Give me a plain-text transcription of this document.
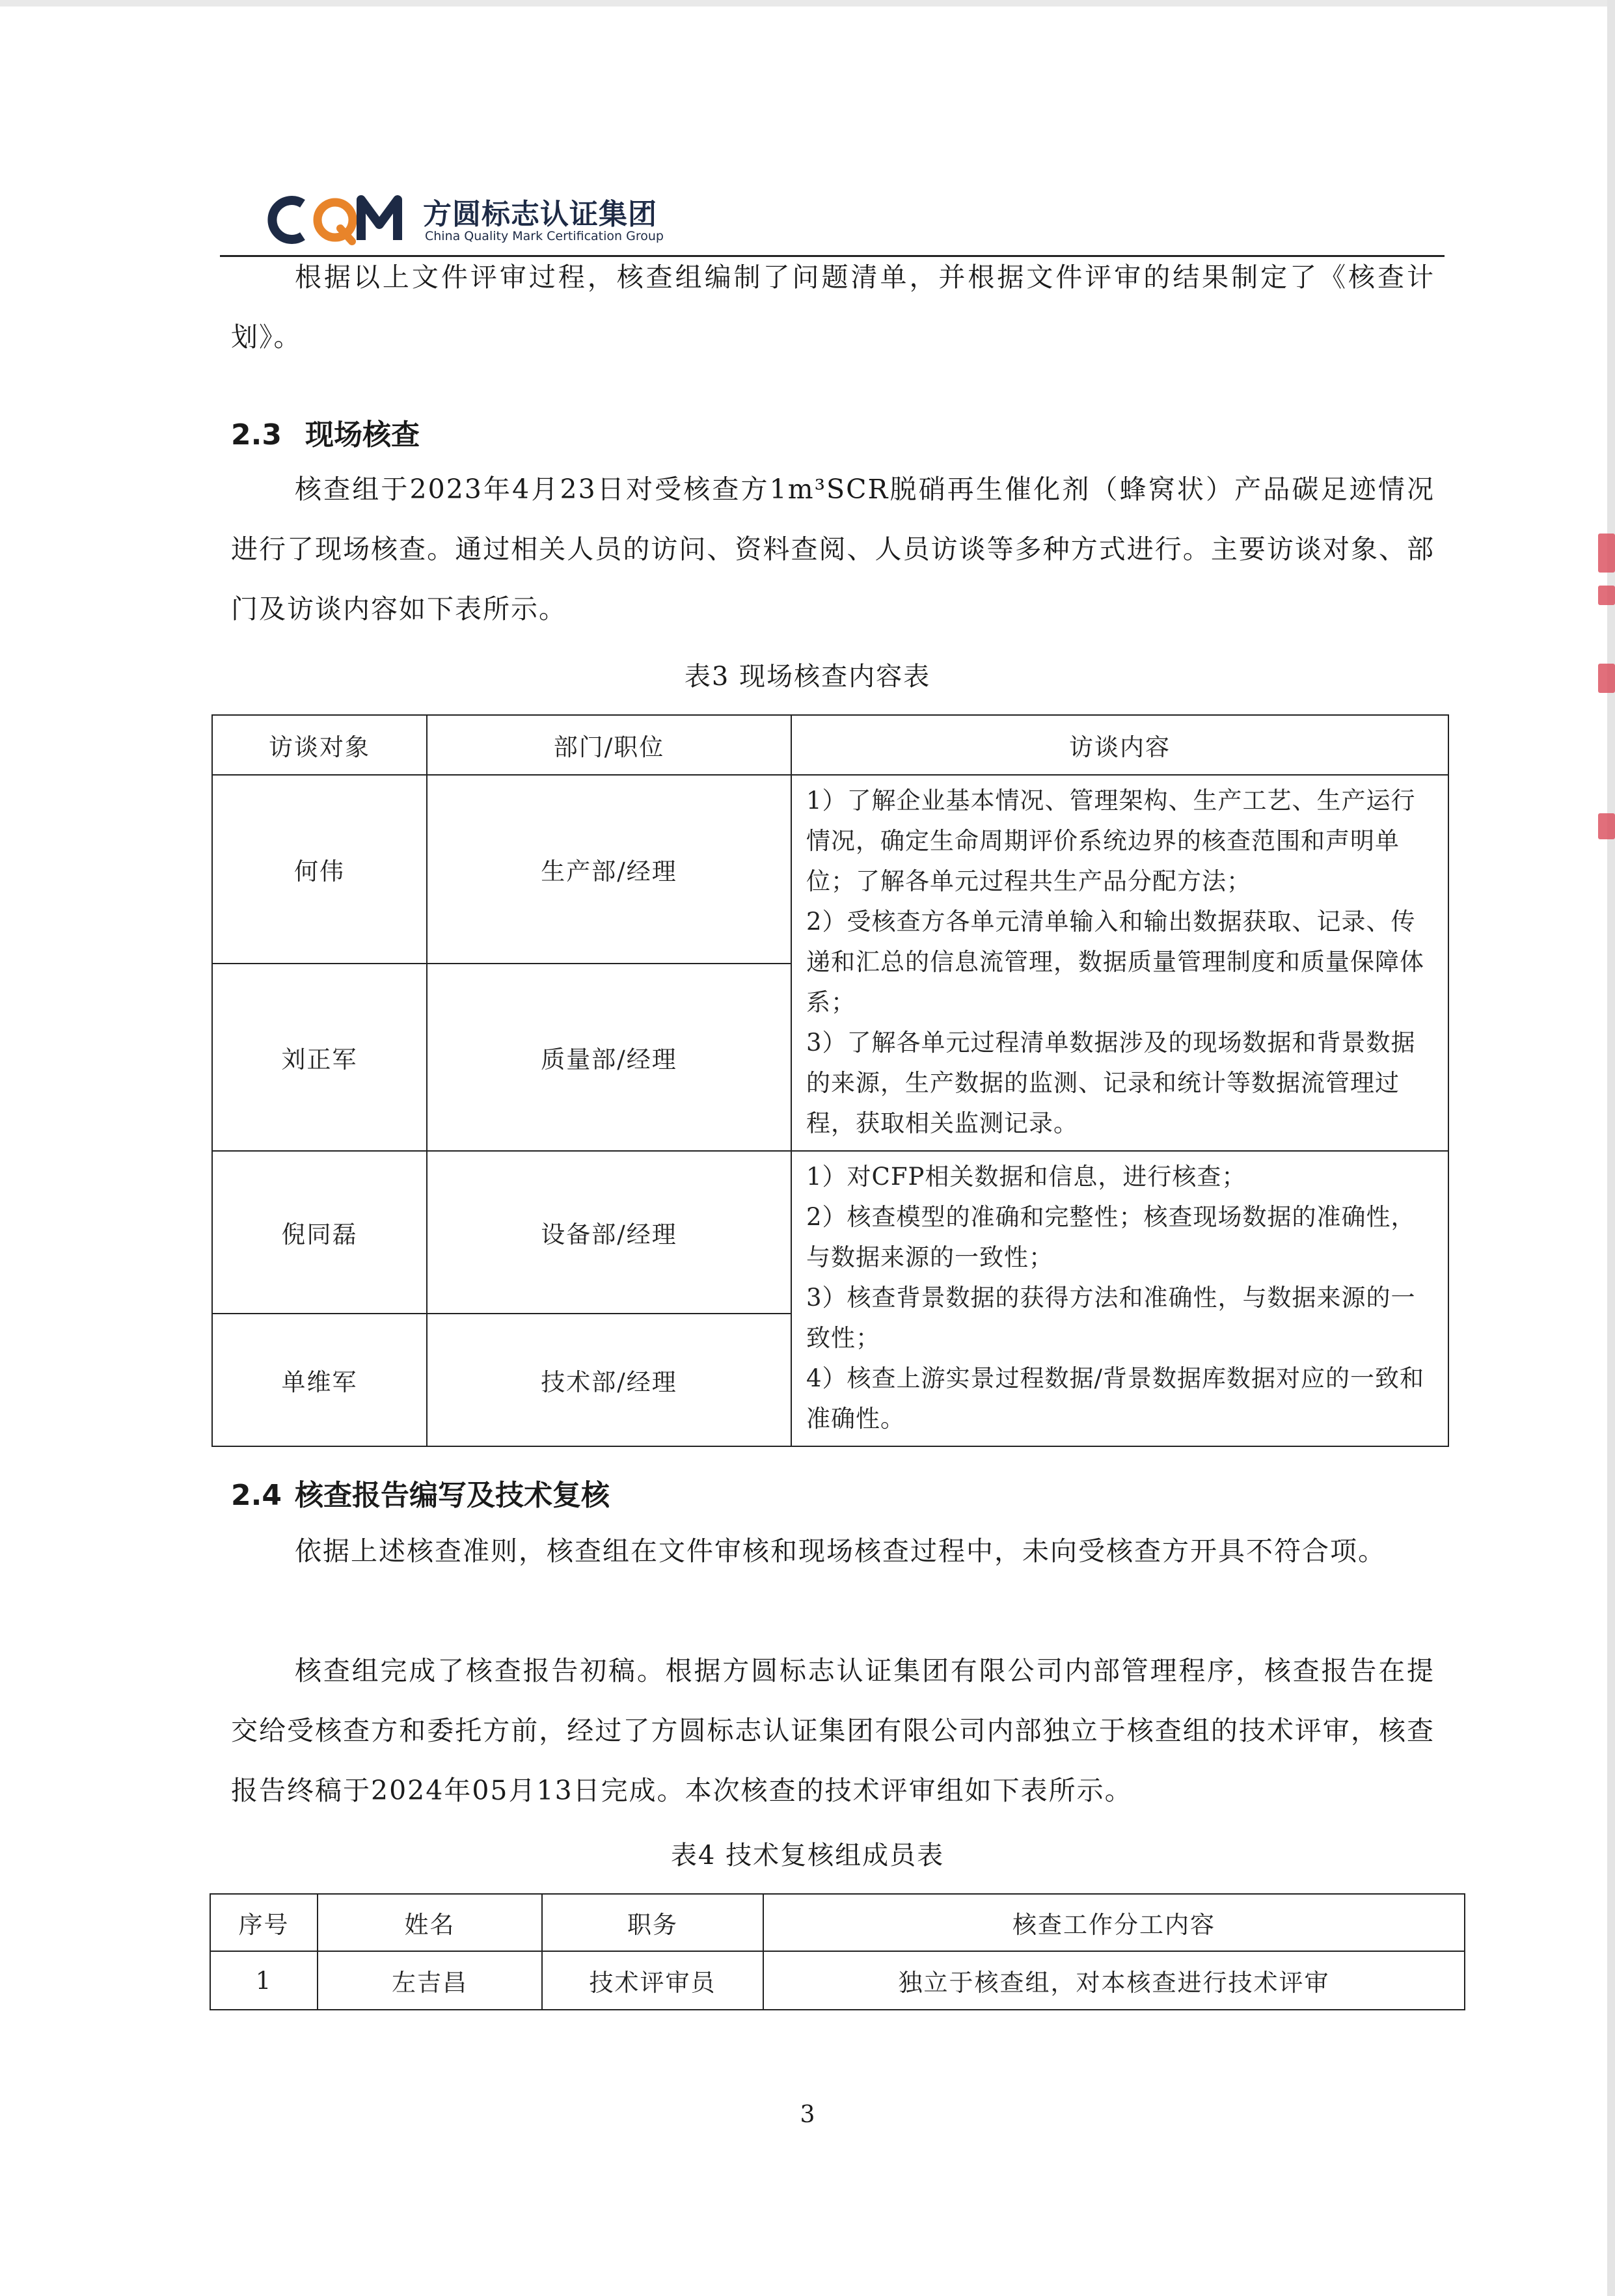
方圆标志认证集团
China Quality Mark Certification Group

根据以上文件评审过程，核查组编制了问题清单，并根据文件评审的结果制定了《核查计划》。

2.3 现场核查

核查组于2023年4月23日对受核查方1m³SCR脱硝再生催化剂（蜂窝状）产品碳足迹情况进行了现场核查。通过相关人员的访问、资料查阅、人员访谈等多种方式进行。主要访谈对象、部门及访谈内容如下表所示。

表3 现场核查内容表
访谈对象	部门/职位	访谈内容
何伟	生产部/经理	1）了解企业基本情况、管理架构、生产工艺、生产运行情况，确定生命周期评价系统边界的核查范围和声明单位；了解各单元过程共生产品分配方法；

2）受核查方各单元清单输入和输出数据获取、记录、传递和汇总的信息流管理，数据质量管理制度和质量保障体系；

3）了解各单元过程清单数据涉及的现场数据和背景数据的来源，生产数据的监测、记录和统计等数据流管理过程，获取相关监测记录。

刘正军	质量部/经理	
倪同磊	设备部/经理	1）对CFP相关数据和信息，进行核查；

2）核查模型的准确和完整性；核查现场数据的准确性，与数据来源的一致性；

3）核查背景数据的获得方法和准确性，与数据来源的一致性；

4）核查上游实景过程数据/背景数据库数据对应的一致和准确性。

单维军	技术部/经理	
2.4 核查报告编写及技术复核

依据上述核查准则，核查组在文件审核和现场核查过程中，未向受核查方开具不符合项。

核查组完成了核查报告初稿。根据方圆标志认证集团有限公司内部管理程序，核查报告在提交给受核查方和委托方前，经过了方圆标志认证集团有限公司内部独立于核查组的技术评审，核查报告终稿于2024年05月13日完成。本次核查的技术评审组如下表所示。

表4 技术复核组成员表
序号	姓名	职务	核查工作分工内容
1	左吉昌	技术评审员	独立于核查组，对本核查进行技术评审
3
